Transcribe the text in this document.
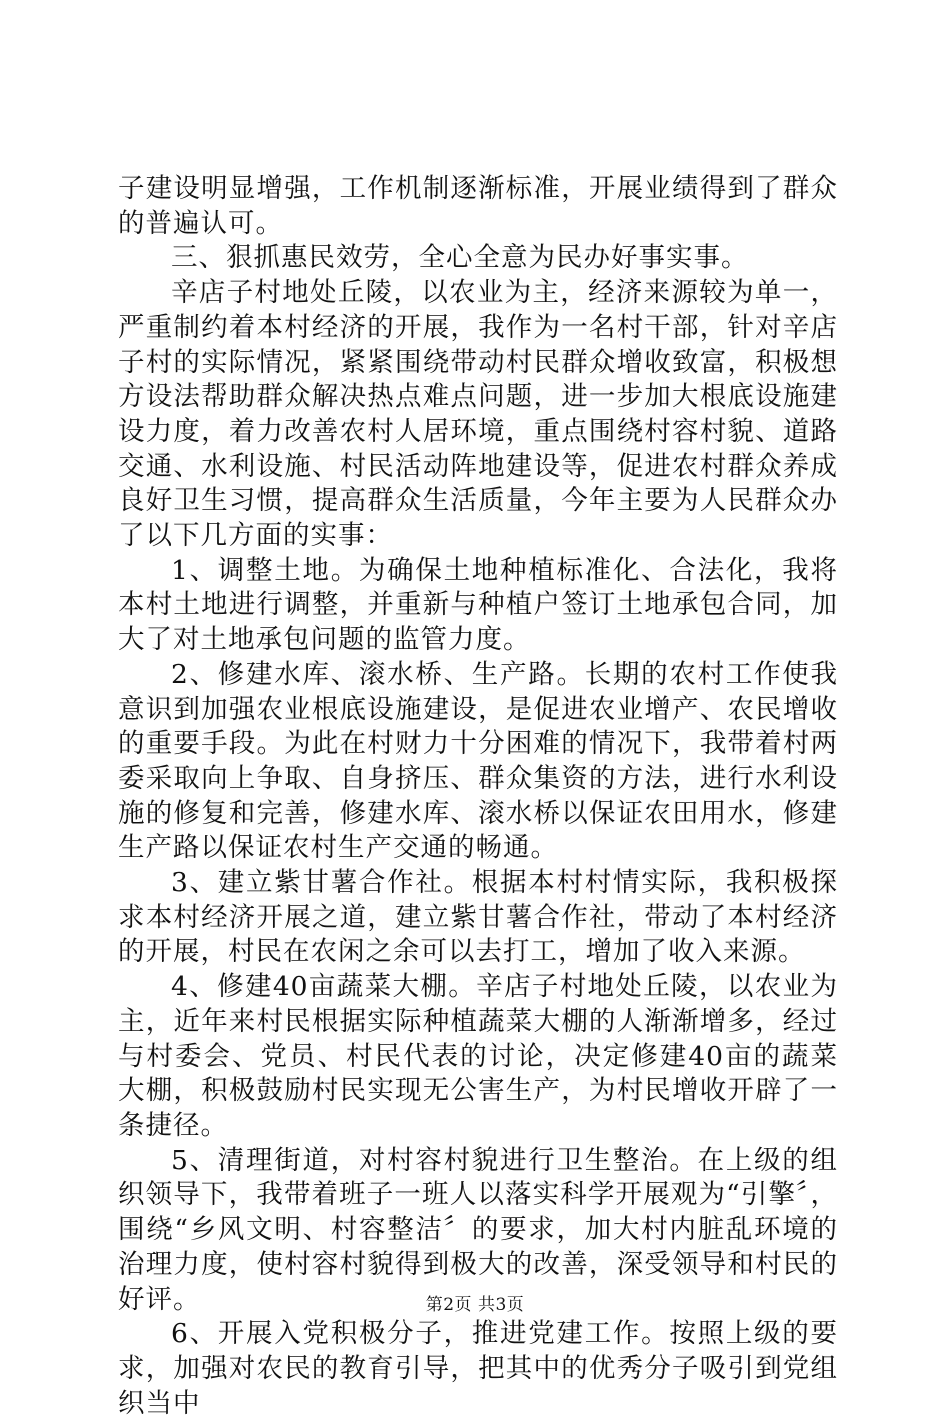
子建设明显增强，工作机制逐渐标准，开展业绩得到了群众的普遍认可。

三、狠抓惠民效劳，全心全意为民办好事实事。

辛店子村地处丘陵，以农业为主，经济来源较为单一，严重制约着本村经济的开展，我作为一名村干部，针对辛店子村的实际情况，紧紧围绕带动村民群众增收致富，积极想方设法帮助群众解决热点难点问题，进一步加大根底设施建设力度，着力改善农村人居环境，重点围绕村容村貌、道路交通、水利设施、村民活动阵地建设等，促进农村群众养成良好卫生习惯，提高群众生活质量，今年主要为人民群众办了以下几方面的实事：

1、调整土地。为确保土地种植标准化、合法化，我将本村土地进行调整，并重新与种植户签订土地承包合同，加大了对土地承包问题的监管力度。

2、修建水库、滚水桥、生产路。长期的农村工作使我意识到加强农业根底设施建设，是促进农业增产、农民增收的重要手段。为此在村财力十分困难的情况下，我带着村两委采取向上争取、自身挤压、群众集资的方法，进行水利设施的修复和完善，修建水库、滚水桥以保证农田用水，修建生产路以保证农村生产交通的畅通。

3、建立紫甘薯合作社。根据本村村情实际，我积极探求本村经济开展之道，建立紫甘薯合作社，带动了本村经济的开展，村民在农闲之余可以去打工，增加了收入来源。

4、修建40亩蔬菜大棚。辛店子村地处丘陵，以农业为主，近年来村民根据实际种植蔬菜大棚的人渐渐增多，经过与村委会、党员、村民代表的讨论，决定修建40亩的蔬菜大棚，积极鼓励村民实现无公害生产，为村民增收开辟了一条捷径。

5、清理街道，对村容村貌进行卫生整治。在上级的组织领导下，我带着班子一班人以落实科学开展观为“引擎〞，围绕“乡风文明、村容整洁〞的要求，加大村内脏乱环境的治理力度，使村容村貌得到极大的改善，深受领导和村民的好评。

6、开展入党积极分子，推进党建工作。按照上级的要求，加强对农民的教育引导，把其中的优秀分子吸引到党组织当中

第2页 共3页
